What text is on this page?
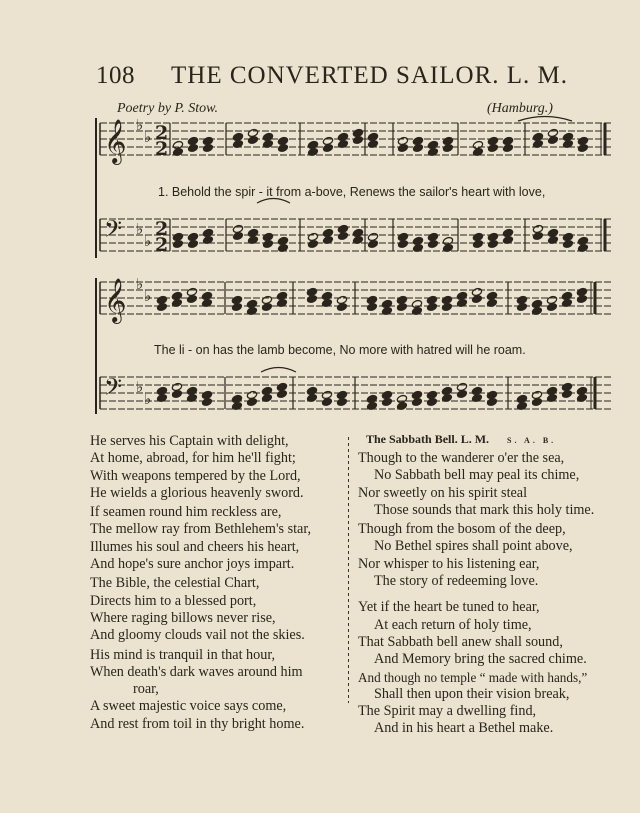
108 THE CONVERTED SAILOR. L. M.
Poetry by P. Stow.	(Hamburg.)
𝄞 ♭
♭ 2
2
𝄢 ♭
♭
2
2
𝄞 ♭
♭
𝄢 ♭
♭
1. Behold the spir - it from a-bove, Renews the sailor's heart with love,
The li - on has the lamb become, No more with hatred will he roam.
He serves his Captain with delight,
At home, abroad, for him he'll fight;
With weapons tempered by the Lord,
He wields a glorious heavenly sword.
If seamen round him reckless are,
The mellow ray from Bethlehem's star,
Illumes his soul and cheers his heart,
And hope's sure anchor joys impart.
The Bible, the celestial Chart,
Directs him to a blessed port,
Where raging billows never rise,
And gloomy clouds vail not the skies.
His mind is tranquil in that hour,
When death's dark waves around him
roar,
A sweet majestic voice says come,
And rest from toil in thy bright home.
The Sabbath Bell. L. M. S. A. B.
Though to the wanderer o'er the sea,
No Sabbath bell may peal its chime,
Nor sweetly on his spirit steal
Those sounds that mark this holy time.
Though from the bosom of the deep,
No Bethel spires shall point above,
Nor whisper to his listening ear,
The story of redeeming love.
Yet if the heart be tuned to hear,
At each return of holy time,
That Sabbath bell anew shall sound,
And Memory bring the sacred chime.
And though no temple “ made with hands,”
Shall then upon their vision break,
The Spirit may a dwelling find,
And in his heart a Bethel make.
